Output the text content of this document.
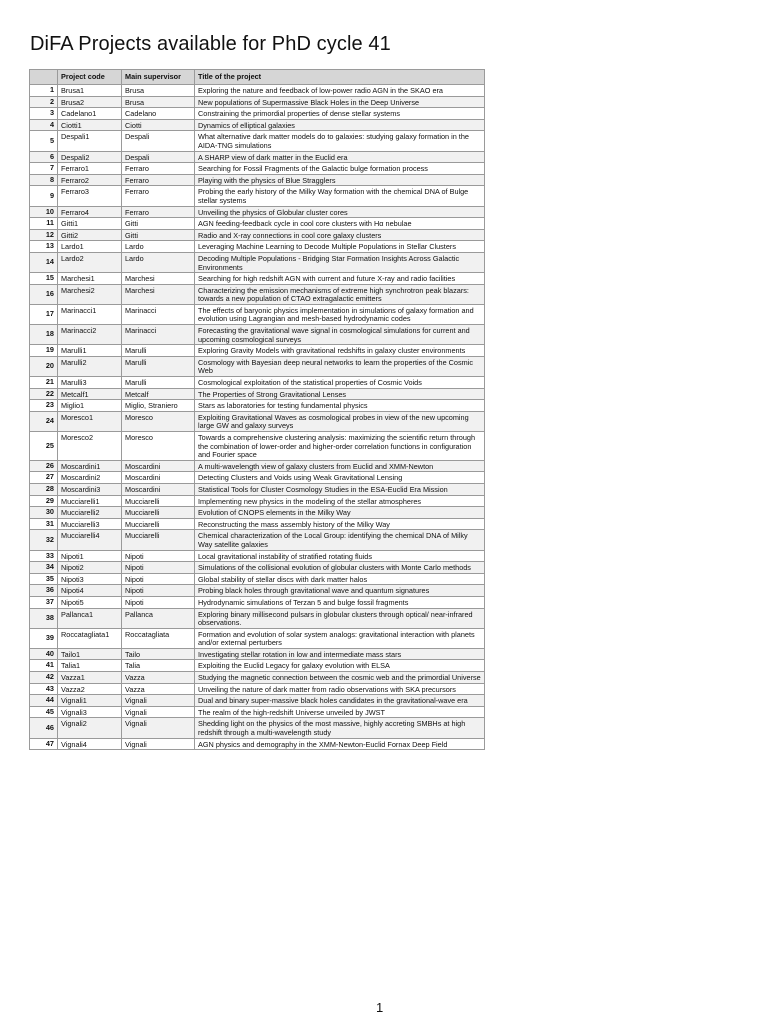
DiFA Projects available for PhD cycle 41
	Project code	Main supervisor	Title of the project
1	Brusa1	Brusa	Exploring the nature and feedback of low-power radio AGN in the SKAO era
2	Brusa2	Brusa	New populations of Supermassive Black Holes in the Deep Universe
3	Cadelano1	Cadelano	Constraining the primordial properties of dense stellar systems
4	Ciotti1	Ciotti	Dynamics of elliptical galaxies
5	Despali1	Despali	What alternative dark matter models do to galaxies: studying galaxy formation in the AIDA-TNG simulations
6	Despali2	Despali	A SHARP view of dark matter in the Euclid era
7	Ferraro1	Ferraro	Searching for Fossil Fragments of the Galactic bulge formation process
8	Ferraro2	Ferraro	Playing with the physics of Blue Stragglers
9	Ferraro3	Ferraro	Probing the early history of the Milky Way formation with the chemical DNA of Bulge stellar systems
10	Ferraro4	Ferraro	Unveiling the physics of Globular cluster cores
11	Gitti1	Gitti	AGN feeding-feedback cycle in cool core clusters with Hα nebulae
12	Gitti2	Gitti	Radio and X-ray connections in cool core galaxy clusters
13	Lardo1	Lardo	Leveraging Machine Learning to Decode Multiple Populations in Stellar Clusters
14	Lardo2	Lardo	Decoding Multiple Populations - Bridging Star Formation Insights Across Galactic Environments
15	Marchesi1	Marchesi	Searching for high redshift AGN with current and future X-ray and radio facilities
16	Marchesi2	Marchesi	Characterizing the emission mechanisms of extreme high synchrotron peak blazars: towards a new population of CTAO extragalactic emitters
17	Marinacci1	Marinacci	The effects of baryonic physics implementation in simulations of galaxy formation and evolution using Lagrangian and mesh-based hydrodynamic codes
18	Marinacci2	Marinacci	Forecasting the gravitational wave signal in cosmological simulations for current and upcoming cosmological surveys
19	Marulli1	Marulli	Exploring Gravity Models with gravitational redshifts in galaxy cluster environments
20	Marulli2	Marulli	Cosmology with Bayesian deep neural networks to learn the properties of the Cosmic Web
21	Marulli3	Marulli	Cosmological exploitation of the statistical properties of Cosmic Voids
22	Metcalf1	Metcalf	The Properties of Strong Gravitational Lenses
23	Miglio1	Miglio, Straniero	Stars as laboratories for testing fundamental physics
24	Moresco1	Moresco	Exploiting Gravitational Waves as cosmological probes in view of the new upcoming large GW and galaxy surveys
25	Moresco2	Moresco	Towards a comprehensive clustering analysis: maximizing the scientific return through the combination of lower-order and higher-order correlation functions in configuration and Fourier space
26	Moscardini1	Moscardini	A multi-wavelength view of galaxy clusters from Euclid and XMM-Newton
27	Moscardini2	Moscardini	Detecting Clusters and Voids using Weak Gravitational Lensing
28	Moscardini3	Moscardini	Statistical Tools for Cluster Cosmology Studies in the ESA-Euclid Era Mission
29	Mucciarelli1	Mucciarelli	Implementing new physics in the modeling of the stellar atmospheres
30	Mucciarelli2	Mucciarelli	Evolution of CNOPS elements in the Milky Way
31	Mucciarelli3	Mucciarelli	Reconstructing the mass assembly history of the Milky Way
32	Mucciarelli4	Mucciarelli	Chemical characterization of the Local Group: identifying the chemical DNA of Milky Way satellite galaxies
33	Nipoti1	Nipoti	Local gravitational instability of stratified rotating fluids
34	Nipoti2	Nipoti	Simulations of the collisional evolution of globular clusters with Monte Carlo methods
35	Nipoti3	Nipoti	Global stability of stellar discs with dark matter halos
36	Nipoti4	Nipoti	Probing black holes through gravitational wave and quantum signatures
37	Nipoti5	Nipoti	Hydrodynamic simulations of Terzan 5 and bulge fossil fragments
38	Pallanca1	Pallanca	Exploring binary millisecond pulsars in globular clusters through optical/ near-infrared observations.
39	Roccatagliata1	Roccatagliata	Formation and evolution of solar system analogs: gravitational interaction with planets and/or external perturbers
40	Tailo1	Tailo	Investigating stellar rotation in low and intermediate mass stars
41	Talia1	Talia	Exploiting the Euclid Legacy for galaxy evolution with ELSA
42	Vazza1	Vazza	Studying the magnetic connection between the cosmic web and the primordial Universe
43	Vazza2	Vazza	Unveiling the nature of dark matter from radio observations with SKA precursors
44	Vignali1	Vignali	Dual and binary super-massive black holes candidates in the gravitational-wave era
45	Vignali3	Vignali	The realm of the high-redshift Universe unveiled by JWST
46	Vignali2	Vignali	Shedding light on the physics of the most massive, highly accreting SMBHs at high redshift through a multi-wavelength study
47	Vignali4	Vignali	AGN physics and demography in the XMM-Newton-Euclid Fornax Deep Field
1
